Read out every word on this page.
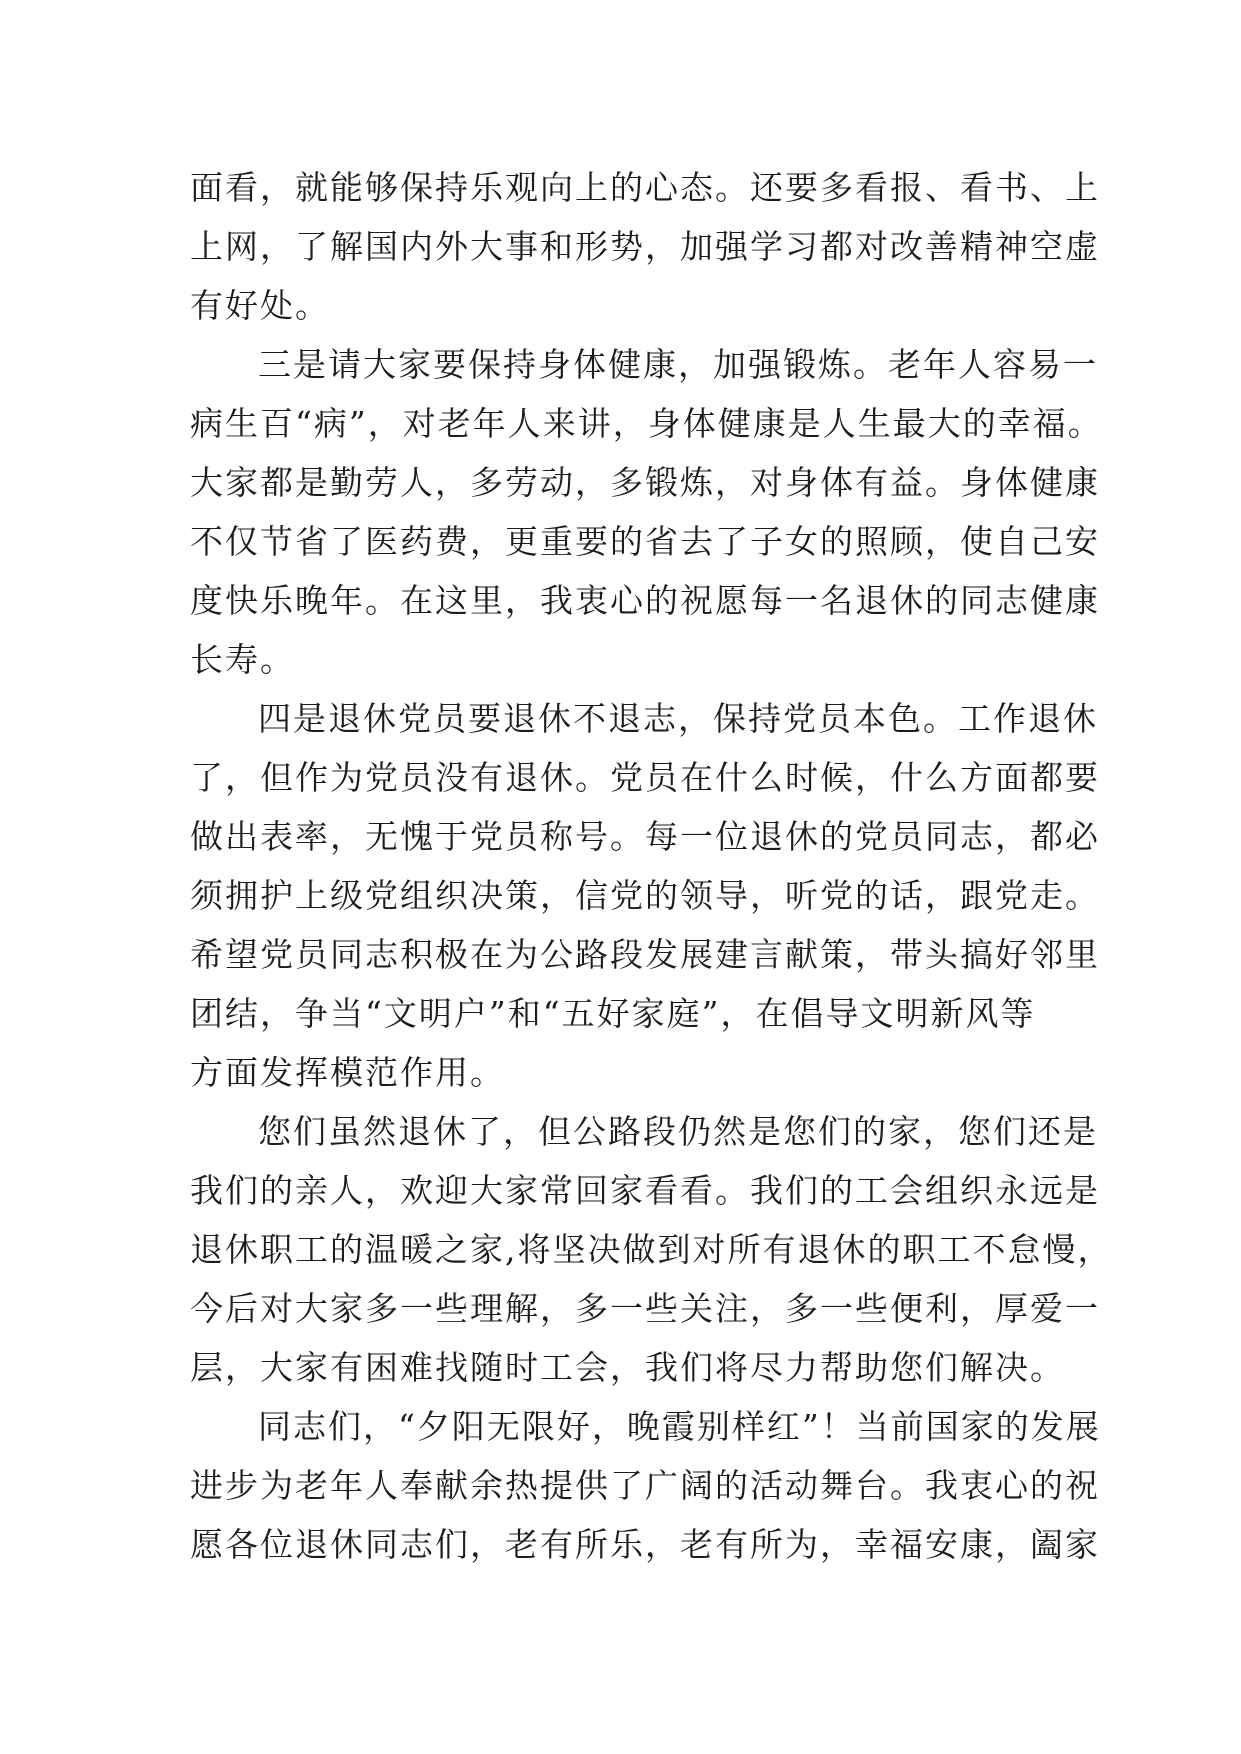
面看，就能够保持乐观向上的心态。还要多看报、看书、上
上网，了解国内外大事和形势，加强学习都对改善精神空虚
有好处。
三是请大家要保持身体健康，加强锻炼。老年人容易一
病生百“病”，对老年人来讲，身体健康是人生最大的幸福。
大家都是勤劳人，多劳动，多锻炼，对身体有益。身体健康
不仅节省了医药费，更重要的省去了子女的照顾，使自己安
度快乐晚年。在这里，我衷心的祝愿每一名退休的同志健康
长寿。
四是退休党员要退休不退志，保持党员本色。工作退休
了，但作为党员没有退休。党员在什么时候，什么方面都要
做出表率，无愧于党员称号。每一位退休的党员同志，都必
须拥护上级党组织决策，信党的领导，听党的话，跟党走。
希望党员同志积极在为公路段发展建言献策，带头搞好邻里
团结，争当“文明户”和“五好家庭”，在倡导文明新风等
方面发挥模范作用。
您们虽然退休了，但公路段仍然是您们的家，您们还是
我们的亲人，欢迎大家常回家看看。我们的工会组织永远是
退休职工的温暖之家,将坚决做到对所有退休的职工不怠慢，
今后对大家多一些理解，多一些关注，多一些便利，厚爱一
层，大家有困难找随时工会，我们将尽力帮助您们解决。
同志们，“夕阳无限好，晚霞别样红”！当前国家的发展
进步为老年人奉献余热提供了广阔的活动舞台。我衷心的祝
愿各位退休同志们，老有所乐，老有所为，幸福安康，阖家
